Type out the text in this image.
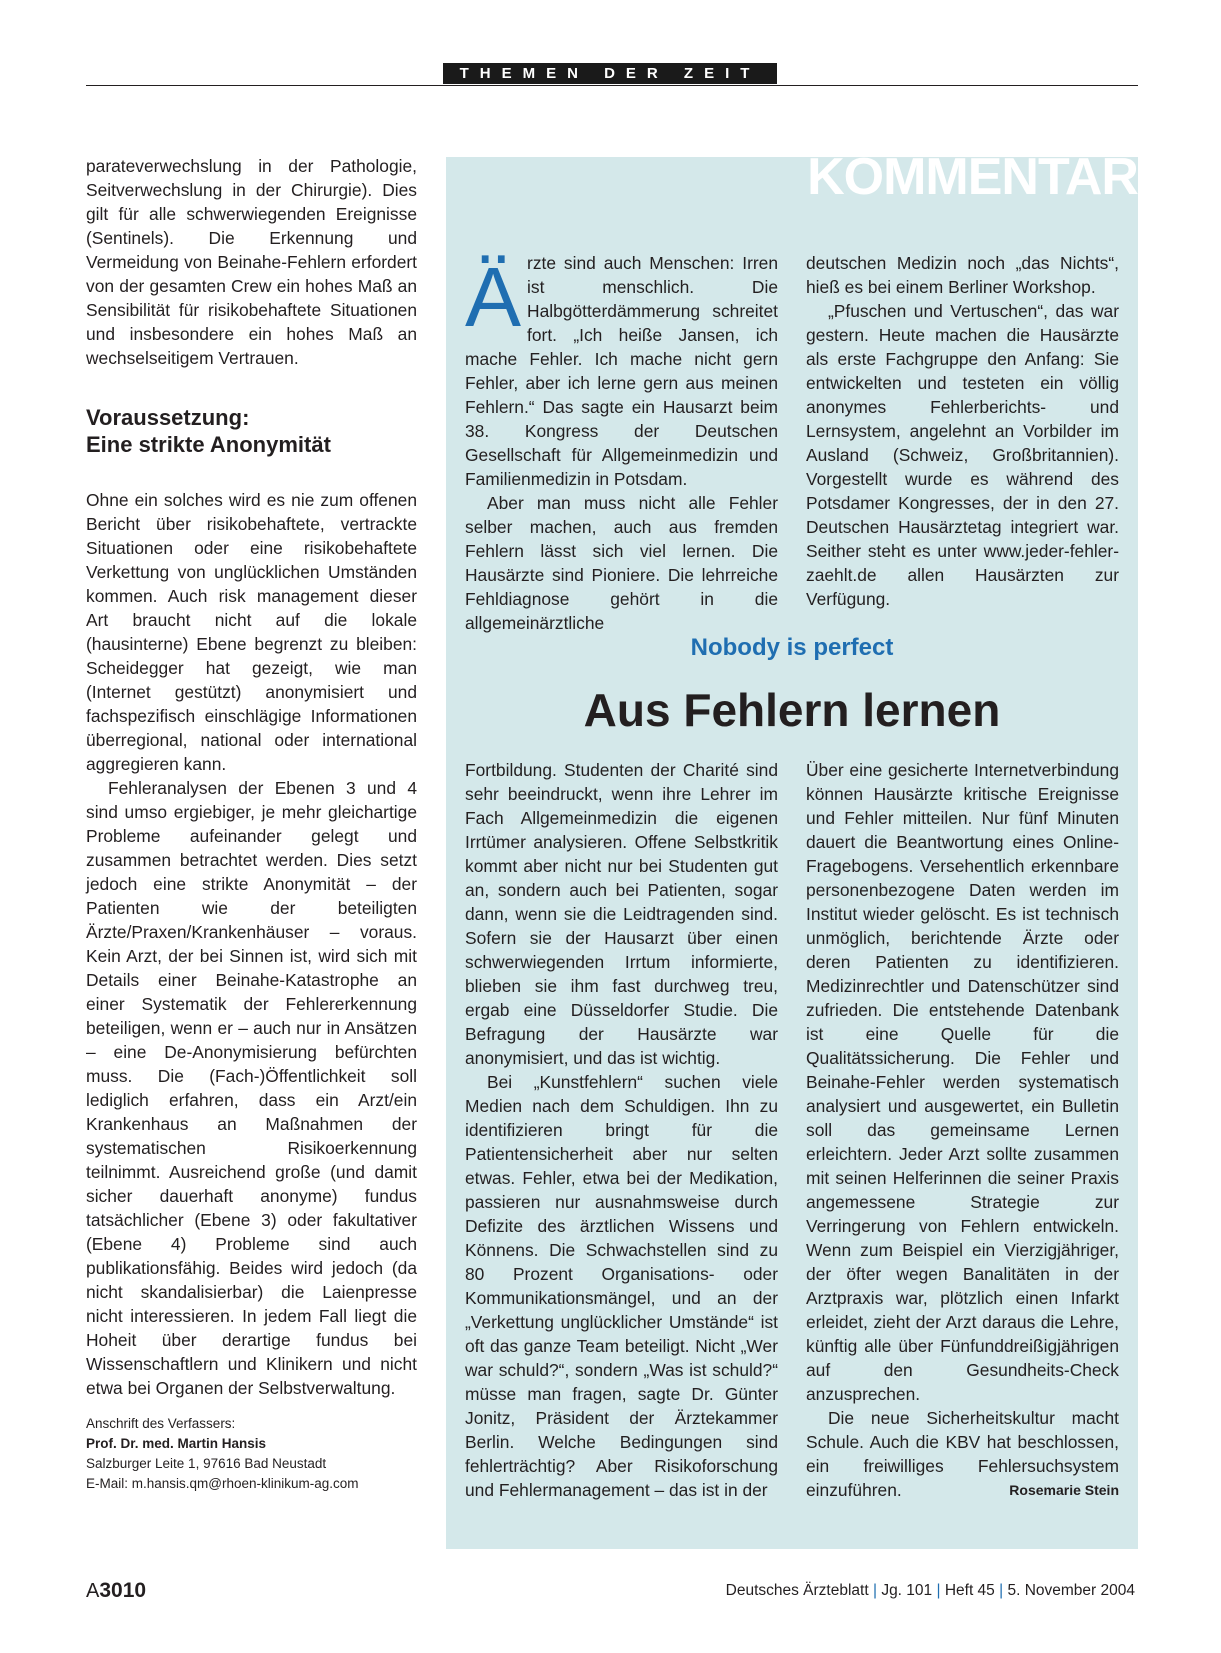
THEMEN DER ZEIT

parateverwechslung in der Pathologie, Seitverwechslung in der Chirurgie). Dies gilt für alle schwerwiegenden Ereignisse (Sentinels). Die Erkennung und Vermeidung von Beinahe-Fehlern erfordert von der gesamten Crew ein hohes Maß an Sensibilität für risikobehaftete Situationen und insbesondere ein hohes Maß an wechselseitigem Vertrauen.

Voraussetzung:
Eine strikte Anonymität

Ohne ein solches wird es nie zum offenen Bericht über risikobehaftete, vertrackte Situationen oder eine risikobehaftete Verkettung von unglücklichen Umständen kommen. Auch risk management dieser Art braucht nicht auf die lokale (hausinterne) Ebene begrenzt zu bleiben: Scheidegger hat gezeigt, wie man (Internet gestützt) anonymisiert und fachspezifisch einschlägige Informationen überregional, national oder international aggregieren kann.

Fehleranalysen der Ebenen 3 und 4 sind umso ergiebiger, je mehr gleichartige Probleme aufeinander gelegt und zusammen betrachtet werden. Dies setzt jedoch eine strikte Anonymität – der Patienten wie der beteiligten Ärzte/Praxen/Krankenhäuser – voraus. Kein Arzt, der bei Sinnen ist, wird sich mit Details einer Beinahe-Katastrophe an einer Systematik der Fehlererkennung beteiligen, wenn er – auch nur in Ansätzen – eine De-Anonymisierung befürchten muss. Die (Fach-)Öffentlichkeit soll lediglich erfahren, dass ein Arzt/ein Krankenhaus an Maßnahmen der systematischen Risikoerkennung teilnimmt. Ausreichend große (und damit sicher dauerhaft anonyme) fundus tatsächlicher (Ebene 3) oder fakultativer (Ebene 4) Probleme sind auch publikationsfähig. Beides wird jedoch (da nicht skandalisierbar) die Laienpresse nicht interessieren. In jedem Fall liegt die Hoheit über derartige fundus bei Wissenschaftlern und Klinikern und nicht etwa bei Organen der Selbstverwaltung.

Anschrift des Verfassers:
Prof. Dr. med. Martin Hansis
Salzburger Leite 1, 97616 Bad Neustadt
E-Mail: m.hansis.qm@rhoen-klinikum-ag.com
KOMMENTAR

Ärzte sind auch Menschen: Irren ist menschlich. Die Halbgötterdämmerung schreitet fort. „Ich heiße Jansen, ich mache Fehler. Ich mache nicht gern Fehler, aber ich lerne gern aus meinen Fehlern.“ Das sagte ein Hausarzt beim 38. Kongress der Deutschen Gesellschaft für Allgemeinmedizin und Familienmedizin in Potsdam.

Aber man muss nicht alle Fehler selber machen, auch aus fremden Fehlern lässt sich viel lernen. Die Hausärzte sind Pioniere. Die lehrreiche Fehldiagnose gehört in die allgemeinärztliche

deutschen Medizin noch „das Nichts“, hieß es bei einem Berliner Workshop.

„Pfuschen und Vertuschen“, das war gestern. Heute machen die Hausärzte als erste Fachgruppe den Anfang: Sie entwickelten und testeten ein völlig anonymes Fehlerberichts- und Lernsystem, angelehnt an Vorbilder im Ausland (Schweiz, Großbritannien). Vorgestellt wurde es während des Potsdamer Kongresses, der in den 27. Deutschen Hausärztetag integriert war. Seither steht es unter www.jeder-fehler-zaehlt.de allen Hausärzten zur Verfügung.

Nobody is perfect
Aus Fehlern lernen

Fortbildung. Studenten der Charité sind sehr beeindruckt, wenn ihre Lehrer im Fach Allgemeinmedizin die eigenen Irrtümer analysieren. Offene Selbstkritik kommt aber nicht nur bei Studenten gut an, sondern auch bei Patienten, sogar dann, wenn sie die Leidtragenden sind. Sofern sie der Hausarzt über einen schwerwiegenden Irrtum informierte, blieben sie ihm fast durchweg treu, ergab eine Düsseldorfer Studie. Die Befragung der Hausärzte war anonymisiert, und das ist wichtig.

Bei „Kunstfehlern“ suchen viele Medien nach dem Schuldigen. Ihn zu identifizieren bringt für die Patientensicherheit aber nur selten etwas. Fehler, etwa bei der Medikation, passieren nur ausnahmsweise durch Defizite des ärztlichen Wissens und Könnens. Die Schwachstellen sind zu 80 Prozent Organisations- oder Kommunikationsmängel, und an der „Verkettung unglücklicher Umstände“ ist oft das ganze Team beteiligt. Nicht „Wer war schuld?“, sondern „Was ist schuld?“ müsse man fragen, sagte Dr. Günter Jonitz, Präsident der Ärztekammer Berlin. Welche Bedingungen sind fehlerträchtig? Aber Risikoforschung und Fehlermanagement – das ist in der

Über eine gesicherte Internetverbindung können Hausärzte kritische Ereignisse und Fehler mitteilen. Nur fünf Minuten dauert die Beantwortung eines Online-Fragebogens. Versehentlich erkennbare personenbezogene Daten werden im Institut wieder gelöscht. Es ist technisch unmöglich, berichtende Ärzte oder deren Patienten zu identifizieren. Medizinrechtler und Datenschützer sind zufrieden. Die entstehende Datenbank ist eine Quelle für die Qualitätssicherung. Die Fehler und Beinahe-Fehler werden systematisch analysiert und ausgewertet, ein Bulletin soll das gemeinsame Lernen erleichtern. Jeder Arzt sollte zusammen mit seinen Helferinnen die seiner Praxis angemessene Strategie zur Verringerung von Fehlern entwickeln. Wenn zum Beispiel ein Vierzigjähriger, der öfter wegen Banalitäten in der Arztpraxis war, plötzlich einen Infarkt erleidet, zieht der Arzt daraus die Lehre, künftig alle über Fünfunddreißigjährigen auf den Gesundheits-Check anzusprechen.

Die neue Sicherheitskultur macht Schule. Auch die KBV hat beschlossen, ein freiwilliges Fehlersuchsystem einzuführen.	Rosemarie Stein

A3010	Deutsches Ärzteblatt | Jg. 101 | Heft 45 | 5. November 2004
